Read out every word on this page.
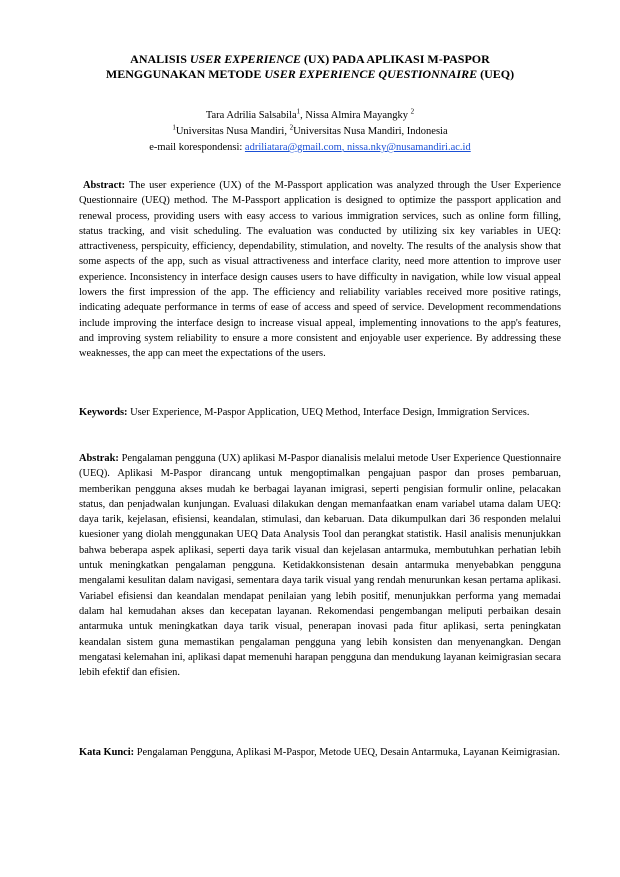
ANALISIS USER EXPERIENCE (UX) PADA APLIKASI M-PASPOR
MENGGUNAKAN METODE USER EXPERIENCE QUESTIONNAIRE (UEQ)
Tara Adrilia Salsabila$^1$, Nissa Almira Mayangky $^2$
$^1$Universitas Nusa Mandiri, $^2$Universitas Nusa Mandiri, Indonesia
e-mail korespondensi: adriliatara@gmail.com, nissa.nky@nusamandiri.ac.id
Abstract: The user experience (UX) of the M-Passport application was analyzed through the User Experience Questionnaire (UEQ) method. The M-Passport application is designed to optimize the passport application and renewal process, providing users with easy access to various immigration services, such as online form filling, status tracking, and visit scheduling. The evaluation was conducted by utilizing six key variables in UEQ: attractiveness, perspicuity, efficiency, dependability, stimulation, and novelty. The results of the analysis show that some aspects of the app, such as visual attractiveness and interface clarity, need more attention to improve user experience. Inconsistency in interface design causes users to have difficulty in navigation, while low visual appeal lowers the first impression of the app. The efficiency and reliability variables received more positive ratings, indicating adequate performance in terms of ease of access and speed of service. Development recommendations include improving the interface design to increase visual appeal, implementing innovations to the app's features, and improving system reliability to ensure a more consistent and enjoyable user experience. By addressing these weaknesses, the app can meet the expectations of the users.
Keywords: User Experience, M-Paspor Application, UEQ Method, Interface Design, Immigration Services.
Abstrak: Pengalaman pengguna (UX) aplikasi M-Paspor dianalisis melalui metode User Experience Questionnaire (UEQ). Aplikasi M-Paspor dirancang untuk mengoptimalkan pengajuan paspor dan proses pembaruan, memberikan pengguna akses mudah ke berbagai layanan imigrasi, seperti pengisian formulir online, pelacakan status, dan penjadwalan kunjungan. Evaluasi dilakukan dengan memanfaatkan enam variabel utama dalam UEQ: daya tarik, kejelasan, efisiensi, keandalan, stimulasi, dan kebaruan. Data dikumpulkan dari 36 responden melalui kuesioner yang diolah menggunakan UEQ Data Analysis Tool dan perangkat statistik. Hasil analisis menunjukkan bahwa beberapa aspek aplikasi, seperti daya tarik visual dan kejelasan antarmuka, membutuhkan perhatian lebih untuk meningkatkan pengalaman pengguna. Ketidakkonsistenan desain antarmuka menyebabkan pengguna mengalami kesulitan dalam navigasi, sementara daya tarik visual yang rendah menurunkan kesan pertama aplikasi. Variabel efisiensi dan keandalan mendapat penilaian yang lebih positif, menunjukkan performa yang memadai dalam hal kemudahan akses dan kecepatan layanan. Rekomendasi pengembangan meliputi perbaikan desain antarmuka untuk meningkatkan daya tarik visual, penerapan inovasi pada fitur aplikasi, serta peningkatan keandalan sistem guna memastikan pengalaman pengguna yang lebih konsisten dan menyenangkan. Dengan mengatasi kelemahan ini, aplikasi dapat memenuhi harapan pengguna dan mendukung layanan keimigrasian secara lebih efektif dan efisien.
Kata Kunci: Pengalaman Pengguna, Aplikasi M-Paspor, Metode UEQ, Desain Antarmuka, Layanan Keimigrasian.
